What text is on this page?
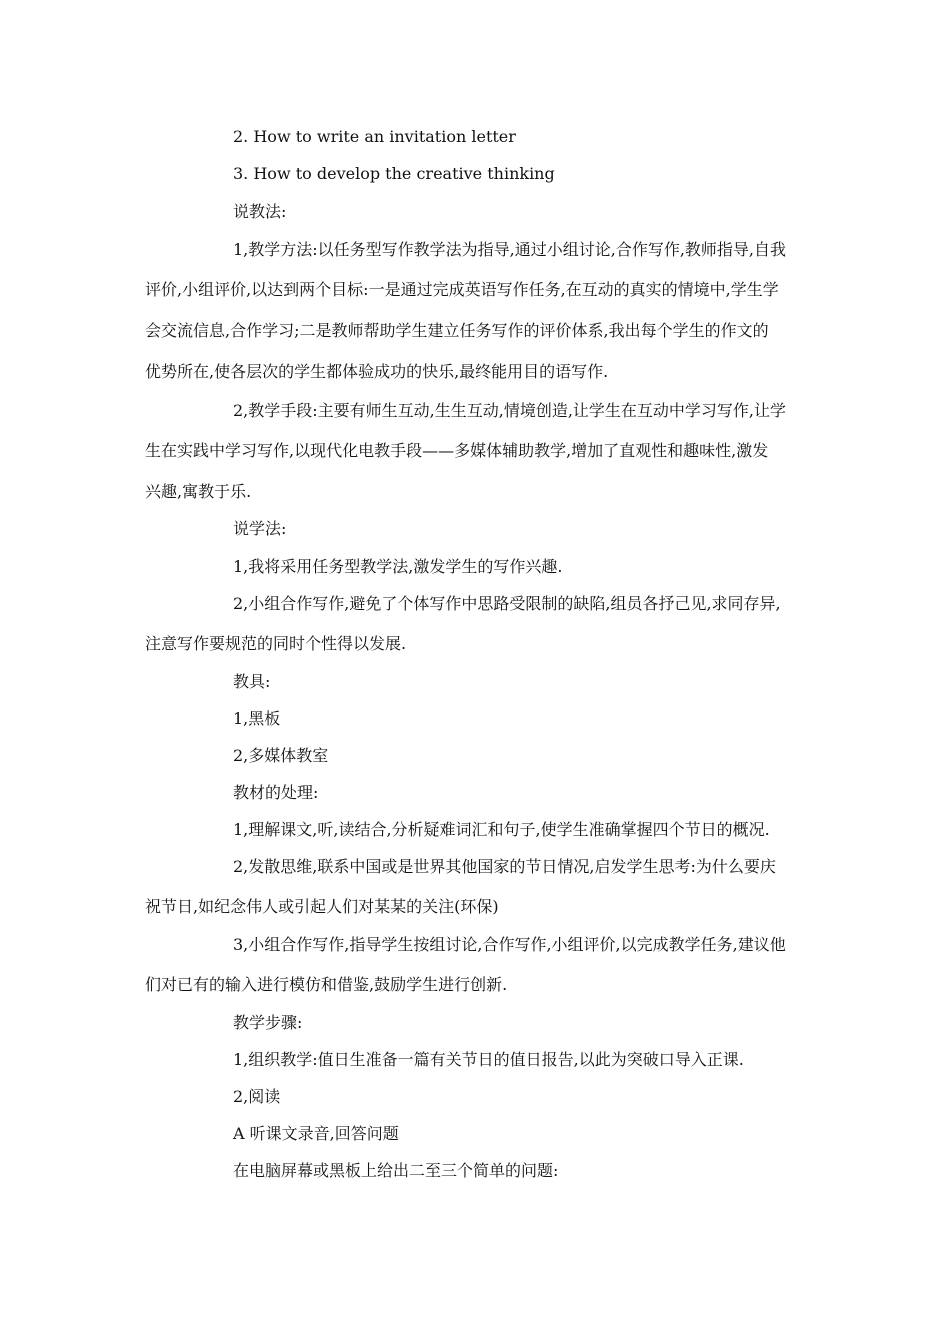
2. How to write an invitation letter
3. How to develop the creative thinking
说教法:
1,教学方法:以任务型写作教学法为指导,通过小组讨论,合作写作,教师指导,自我
评价,小组评价,以达到两个目标:一是通过完成英语写作任务,在互动的真实的情境中,学生学
会交流信息,合作学习;二是教师帮助学生建立任务写作的评价体系,我出每个学生的作文的
优势所在,使各层次的学生都体验成功的快乐,最终能用目的语写作.
2,教学手段:主要有师生互动,生生互动,情境创造,让学生在互动中学习写作,让学
生在实践中学习写作,以现代化电教手段——多媒体辅助教学,增加了直观性和趣味性,激发
兴趣,寓教于乐.
说学法:
1,我将采用任务型教学法,激发学生的写作兴趣.
2,小组合作写作,避免了个体写作中思路受限制的缺陷,组员各抒己见,求同存异,
注意写作要规范的同时个性得以发展.
教具:
1,黑板
2,多媒体教室
教材的处理:
1,理解课文,听,读结合,分析疑难词汇和句子,使学生准确掌握四个节日的概况.
2,发散思维,联系中国或是世界其他国家的节日情况,启发学生思考:为什么要庆
祝节日,如纪念伟人或引起人们对某某的关注(环保)
3,小组合作写作,指导学生按组讨论,合作写作,小组评价,以完成教学任务,建议他
们对已有的输入进行模仿和借鉴,鼓励学生进行创新.
教学步骤:
1,组织教学:值日生准备一篇有关节日的值日报告,以此为突破口导入正课.
2,阅读
A 听课文录音,回答问题
在电脑屏幕或黑板上给出二至三个简单的问题:
